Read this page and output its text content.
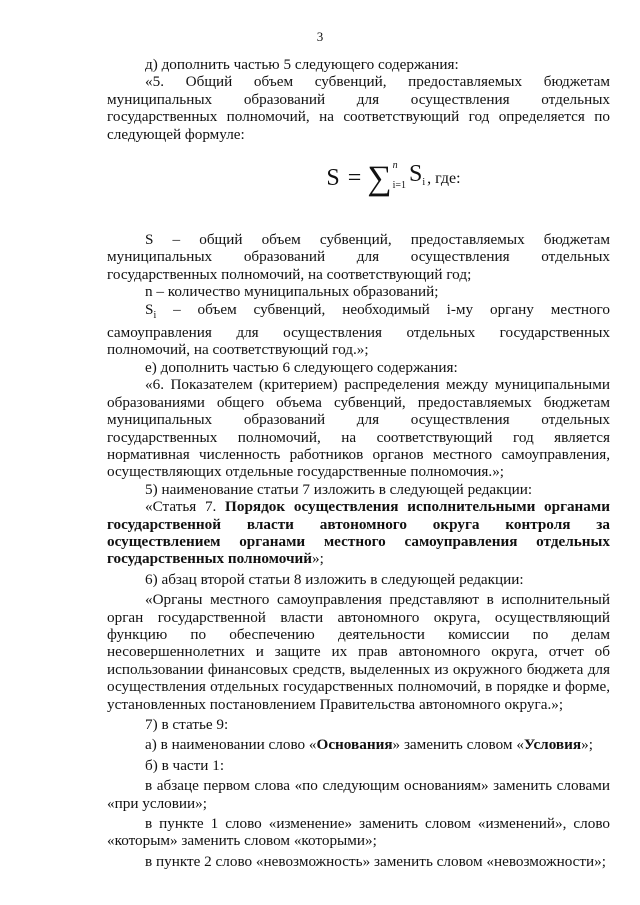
3

д) дополнить частью 5 следующего содержания:

«5. Общий объем субвенций, предоставляемых бюджетам муниципальных образований для осуществления отдельных государственных полномочий, на соответствующий год определяется по следующей формуле:

S = ∑ n
i=1 $S_i$ , где:

S – общий объем субвенций, предоставляемых бюджетам муниципальных образований для осуществления отдельных государственных полномочий, на соответствующий год;

n – количество муниципальных образований;

$S_i$ – объем субвенций, необходимый i-му органу местного самоуправления для осуществления отдельных государственных полномочий, на соответствующий год.»;

е) дополнить частью 6 следующего содержания:

«6. Показателем (критерием) распределения между муниципальными образованиями общего объема субвенций, предоставляемых бюджетам муниципальных образований для осуществления отдельных государственных полномочий, на соответствующий год является нормативная численность работников органов местного самоуправления, осуществляющих отдельные государственные полномочия.»;

5) наименование статьи 7 изложить в следующей редакции:

«Статья 7. Порядок осуществления исполнительными органами государственной власти автономного округа контроля за осуществлением органами местного самоуправления отдельных государственных полномочий»;

6) абзац второй статьи 8 изложить в следующей редакции:

«Органы местного самоуправления представляют в исполнительный орган государственной власти автономного округа, осуществляющий функцию по обеспечению деятельности комиссии по делам несовершеннолетних и защите их прав автономного округа, отчет об использовании финансовых средств, выделенных из окружного бюджета для осуществления отдельных государственных полномочий, в порядке и форме, установленных постановлением Правительства автономного округа.»;

7) в статье 9:

а) в наименовании слово «Основания» заменить словом «Условия»;

б) в части 1:

в абзаце первом слова «по следующим основаниям» заменить словами «при условии»;

в пункте 1 слово «изменение» заменить словом «изменений», слово «которым» заменить словом «которыми»;

в пункте 2 слово «невозможность» заменить словом «невозможности»;
